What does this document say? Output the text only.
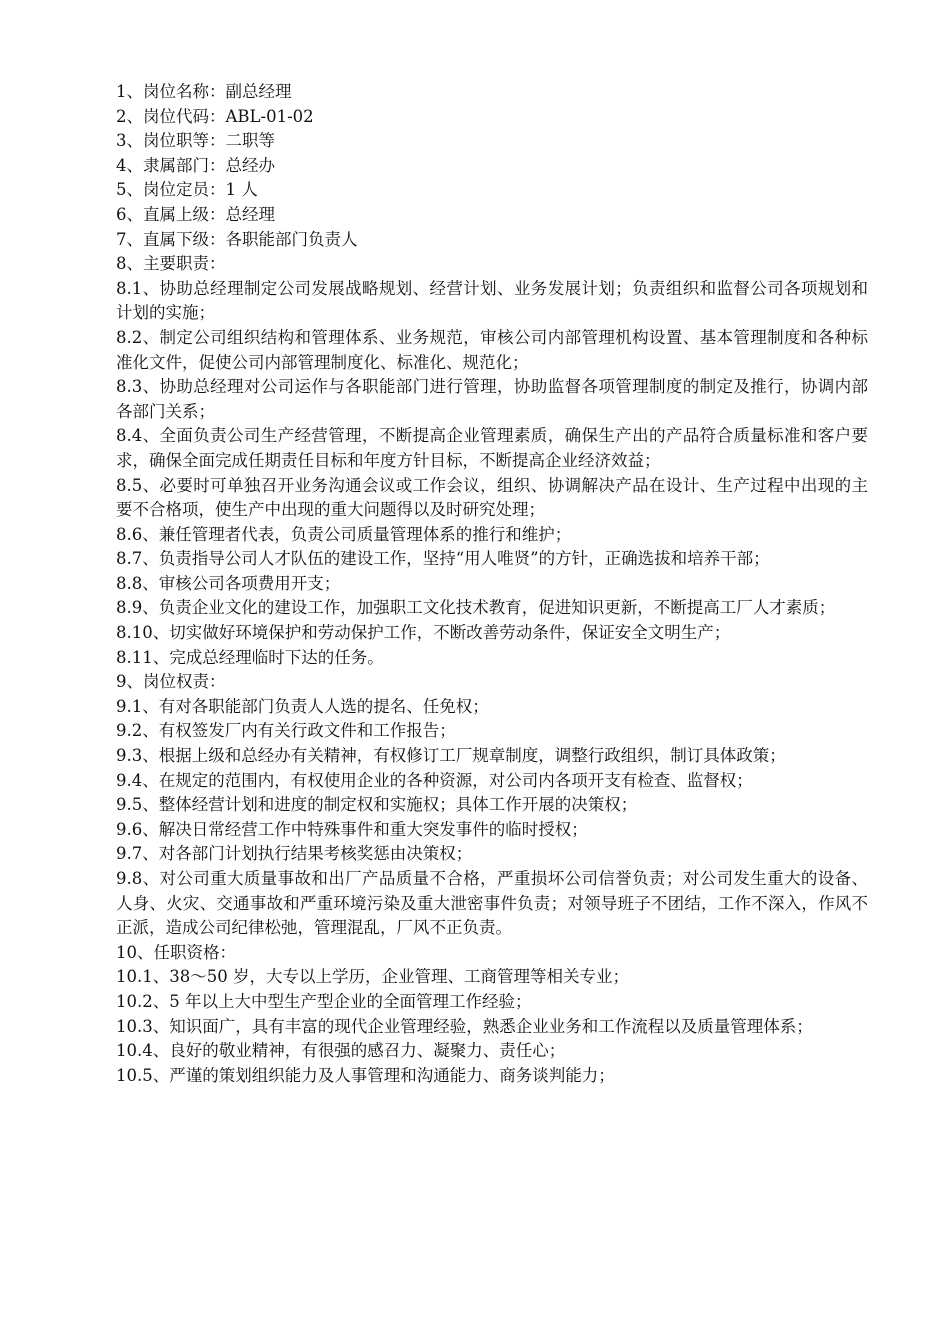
1、岗位名称：副总经理

2、岗位代码：ABL-01-02

3、岗位职等：二职等

4、隶属部门：总经办

5、岗位定员：1 人

6、直属上级：总经理

7、直属下级：各职能部门负责人

8、主要职责：

8.1、协助总经理制定公司发展战略规划、经营计划、业务发展计划；负责组织和监督公司各项规划和计划的实施；

8.2、制定公司组织结构和管理体系、业务规范，审核公司内部管理机构设置、基本管理制度和各种标准化文件，促使公司内部管理制度化、标准化、规范化；

8.3、协助总经理对公司运作与各职能部门进行管理，协助监督各项管理制度的制定及推行，协调内部各部门关系；

8.4、全面负责公司生产经营管理，不断提高企业管理素质，确保生产出的产品符合质量标准和客户要求，确保全面完成任期责任目标和年度方针目标，不断提高企业经济效益；

8.5、必要时可单独召开业务沟通会议或工作会议，组织、协调解决产品在设计、生产过程中出现的主要不合格项，使生产中出现的重大问题得以及时研究处理；

8.6、兼任管理者代表，负责公司质量管理体系的推行和维护；

8.7、负责指导公司人才队伍的建设工作，坚持“用人唯贤”的方针，正确选拔和培养干部；

8.8、审核公司各项费用开支；

8.9、负责企业文化的建设工作，加强职工文化技术教育，促进知识更新，不断提高工厂人才素质；

8.10、切实做好环境保护和劳动保护工作，不断改善劳动条件，保证安全文明生产；

8.11、完成总经理临时下达的任务。

9、岗位权责：

9.1、有对各职能部门负责人人选的提名、任免权；

9.2、有权签发厂内有关行政文件和工作报告；

9.3、根据上级和总经办有关精神，有权修订工厂规章制度，调整行政组织，制订具体政策；

9.4、在规定的范围内，有权使用企业的各种资源，对公司内各项开支有检查、监督权；

9.5、整体经营计划和进度的制定权和实施权；具体工作开展的决策权；

9.6、解决日常经营工作中特殊事件和重大突发事件的临时授权；

9.7、对各部门计划执行结果考核奖惩由决策权；

9.8、对公司重大质量事故和出厂产品质量不合格，严重损坏公司信誉负责；对公司发生重大的设备、人身、火灾、交通事故和严重环境污染及重大泄密事件负责；对领导班子不团结，工作不深入，作风不正派，造成公司纪律松弛，管理混乱，厂风不正负责。

10、任职资格：

10.1、38～50 岁，大专以上学历，企业管理、工商管理等相关专业；

10.2、5 年以上大中型生产型企业的全面管理工作经验；

10.3、知识面广，具有丰富的现代企业管理经验，熟悉企业业务和工作流程以及质量管理体系；

10.4、良好的敬业精神，有很强的感召力、凝聚力、责任心；

10.5、严谨的策划组织能力及人事管理和沟通能力、商务谈判能力；
